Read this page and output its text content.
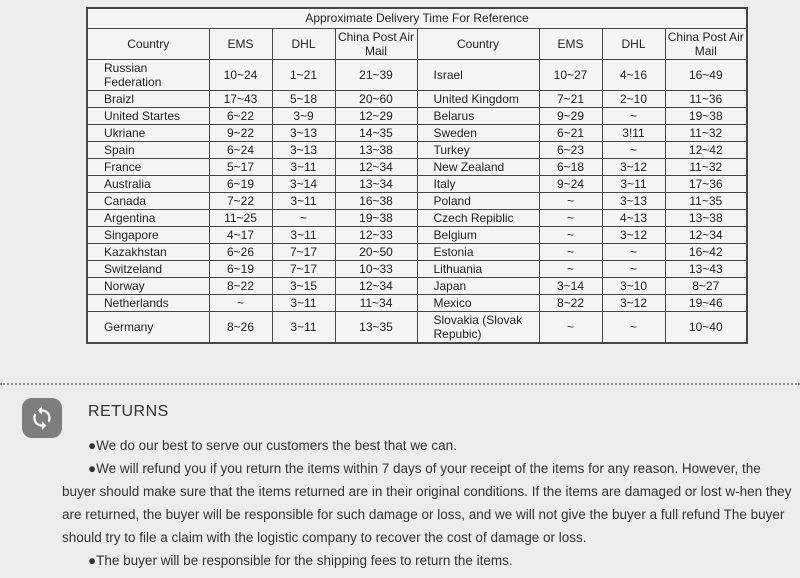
Approximate Delivery Time For Reference							
Country	EMS	DHL	China Post Air Mail	Country	EMS	DHL	China Post Air Mail
Russian Federation	10~24	1~21	21~39	Israel	10~27	4~16	16~49
Braizl	17~43	5~18	20~60	United Kingdom	7~21	2~10	11~36
United Startes	6~22	3~9	12~29	Belarus	9~29	~	19~38
Ukriane	9~22	3~13	14~35	Sweden	6~21	3!11	11~32
Spain	6~24	3~13	13~38	Turkey	6~23	~	12~42
France	5~17	3~11	12~34	New Zealand	6~18	3~12	11~32
Australia	6~19	3~14	13~34	Italy	9~24	3~11	17~36
Canada	7~22	3~11	16~38	Poland	~	3~13	11~35
Argentina	11~25	~	19~38	Czech Repiblic	~	4~13	13~38
Singapore	4~17	3~11	12~33	Belgium	~	3~12	12~34
Kazakhstan	6~26	7~17	20~50	Estonia	~	~	16~42
Switzeland	6~19	7~17	10~33	Lithuania	~	~	13~43
Norway	8~22	3~15	12~34	Japan	3~14	3~10	8~27
Netherlands	~	3~11	11~34	Mexico	8~22	3~12	19~46
Germany	8~26	3~11	13~35	Slovakia (Slovak Repubic)	~	~	10~40
RETURNS

●We do our best to serve our customers the best that we can.

●We will refund you if you return the items within 7 days of your receipt of the items for any reason. However, the buyer should make sure that the items returned are in their original conditions. If the items are damaged or lost w-hen they are returned, the buyer will be responsible for such damage or loss, and we will not give the buyer a full refund The buyer should try to file a claim with the logistic company to recover the cost of damage or loss.

●The buyer will be responsible for the shipping fees to return the items.
